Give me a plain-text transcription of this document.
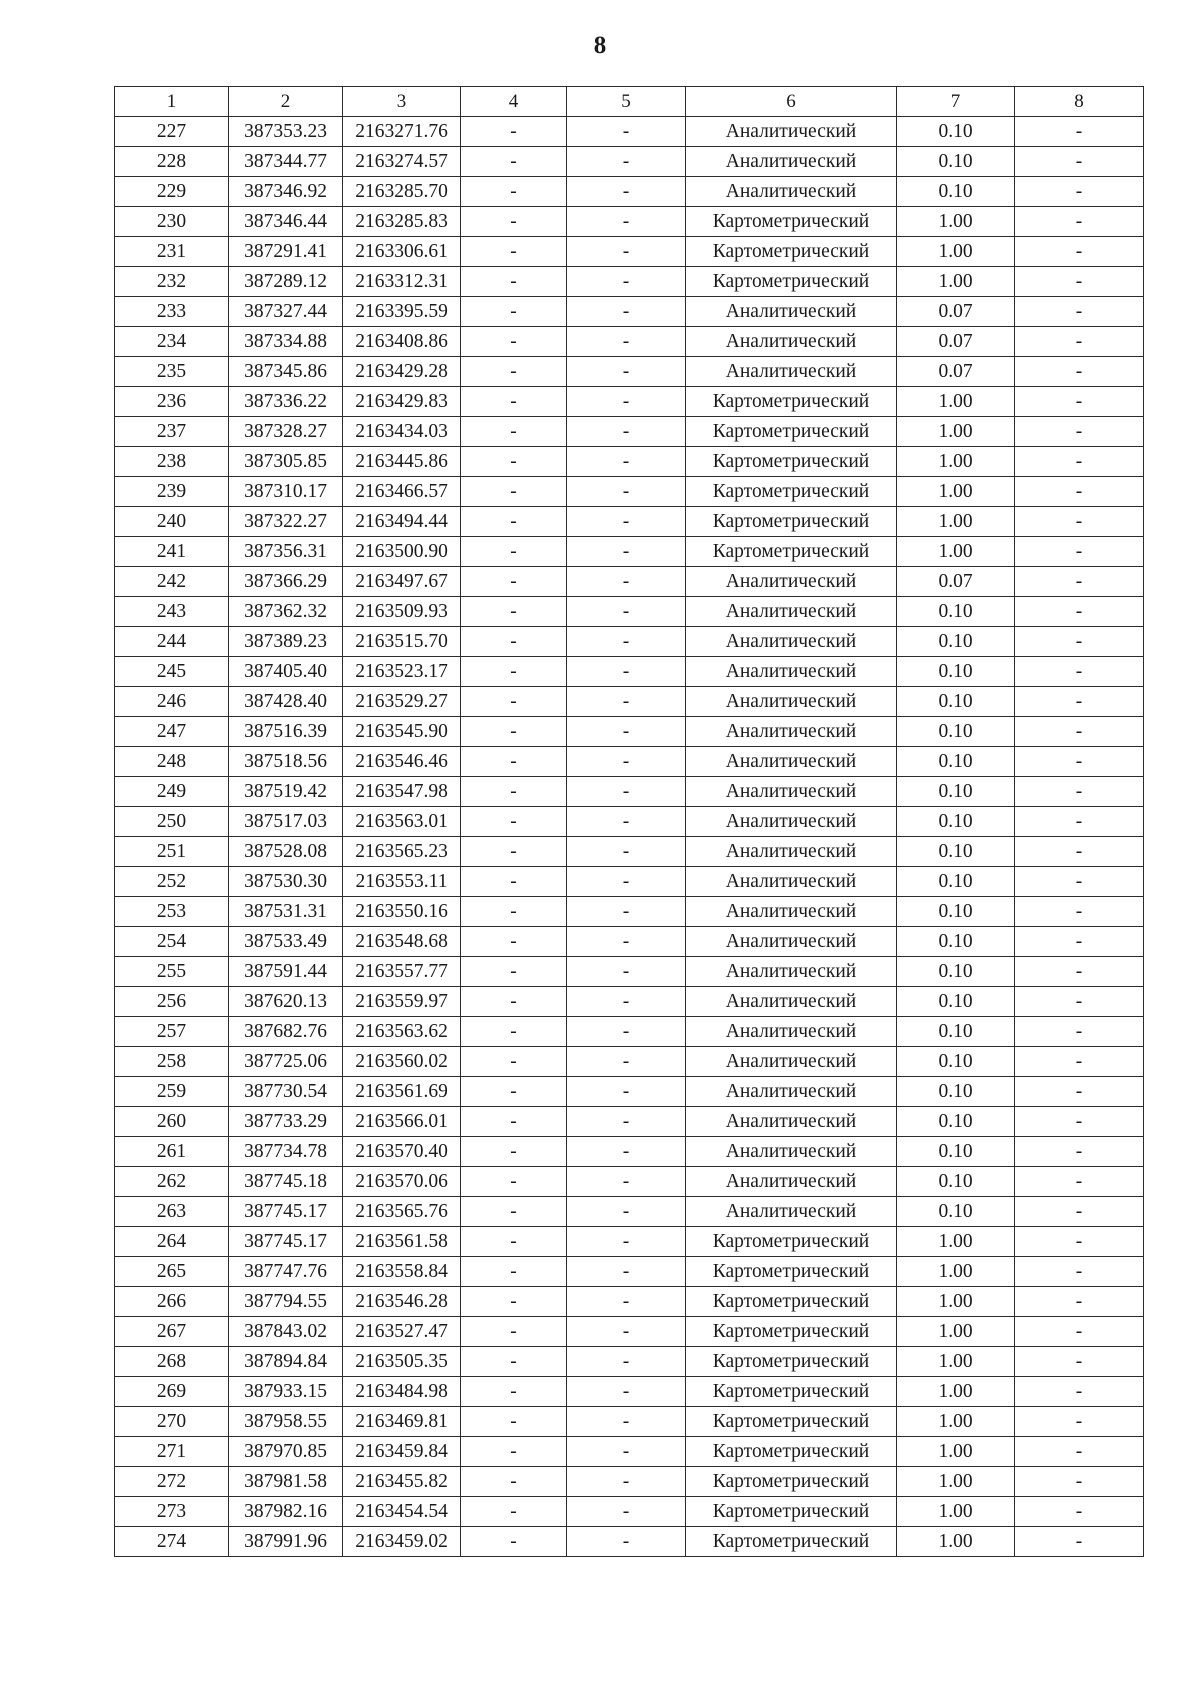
8
1	2	3	4	5	6	7	8
227	387353.23	2163271.76	-	-	Аналитический	0.10	-
228	387344.77	2163274.57	-	-	Аналитический	0.10	-
229	387346.92	2163285.70	-	-	Аналитический	0.10	-
230	387346.44	2163285.83	-	-	Картометрический	1.00	-
231	387291.41	2163306.61	-	-	Картометрический	1.00	-
232	387289.12	2163312.31	-	-	Картометрический	1.00	-
233	387327.44	2163395.59	-	-	Аналитический	0.07	-
234	387334.88	2163408.86	-	-	Аналитический	0.07	-
235	387345.86	2163429.28	-	-	Аналитический	0.07	-
236	387336.22	2163429.83	-	-	Картометрический	1.00	-
237	387328.27	2163434.03	-	-	Картометрический	1.00	-
238	387305.85	2163445.86	-	-	Картометрический	1.00	-
239	387310.17	2163466.57	-	-	Картометрический	1.00	-
240	387322.27	2163494.44	-	-	Картометрический	1.00	-
241	387356.31	2163500.90	-	-	Картометрический	1.00	-
242	387366.29	2163497.67	-	-	Аналитический	0.07	-
243	387362.32	2163509.93	-	-	Аналитический	0.10	-
244	387389.23	2163515.70	-	-	Аналитический	0.10	-
245	387405.40	2163523.17	-	-	Аналитический	0.10	-
246	387428.40	2163529.27	-	-	Аналитический	0.10	-
247	387516.39	2163545.90	-	-	Аналитический	0.10	-
248	387518.56	2163546.46	-	-	Аналитический	0.10	-
249	387519.42	2163547.98	-	-	Аналитический	0.10	-
250	387517.03	2163563.01	-	-	Аналитический	0.10	-
251	387528.08	2163565.23	-	-	Аналитический	0.10	-
252	387530.30	2163553.11	-	-	Аналитический	0.10	-
253	387531.31	2163550.16	-	-	Аналитический	0.10	-
254	387533.49	2163548.68	-	-	Аналитический	0.10	-
255	387591.44	2163557.77	-	-	Аналитический	0.10	-
256	387620.13	2163559.97	-	-	Аналитический	0.10	-
257	387682.76	2163563.62	-	-	Аналитический	0.10	-
258	387725.06	2163560.02	-	-	Аналитический	0.10	-
259	387730.54	2163561.69	-	-	Аналитический	0.10	-
260	387733.29	2163566.01	-	-	Аналитический	0.10	-
261	387734.78	2163570.40	-	-	Аналитический	0.10	-
262	387745.18	2163570.06	-	-	Аналитический	0.10	-
263	387745.17	2163565.76	-	-	Аналитический	0.10	-
264	387745.17	2163561.58	-	-	Картометрический	1.00	-
265	387747.76	2163558.84	-	-	Картометрический	1.00	-
266	387794.55	2163546.28	-	-	Картометрический	1.00	-
267	387843.02	2163527.47	-	-	Картометрический	1.00	-
268	387894.84	2163505.35	-	-	Картометрический	1.00	-
269	387933.15	2163484.98	-	-	Картометрический	1.00	-
270	387958.55	2163469.81	-	-	Картометрический	1.00	-
271	387970.85	2163459.84	-	-	Картометрический	1.00	-
272	387981.58	2163455.82	-	-	Картометрический	1.00	-
273	387982.16	2163454.54	-	-	Картометрический	1.00	-
274	387991.96	2163459.02	-	-	Картометрический	1.00	-
